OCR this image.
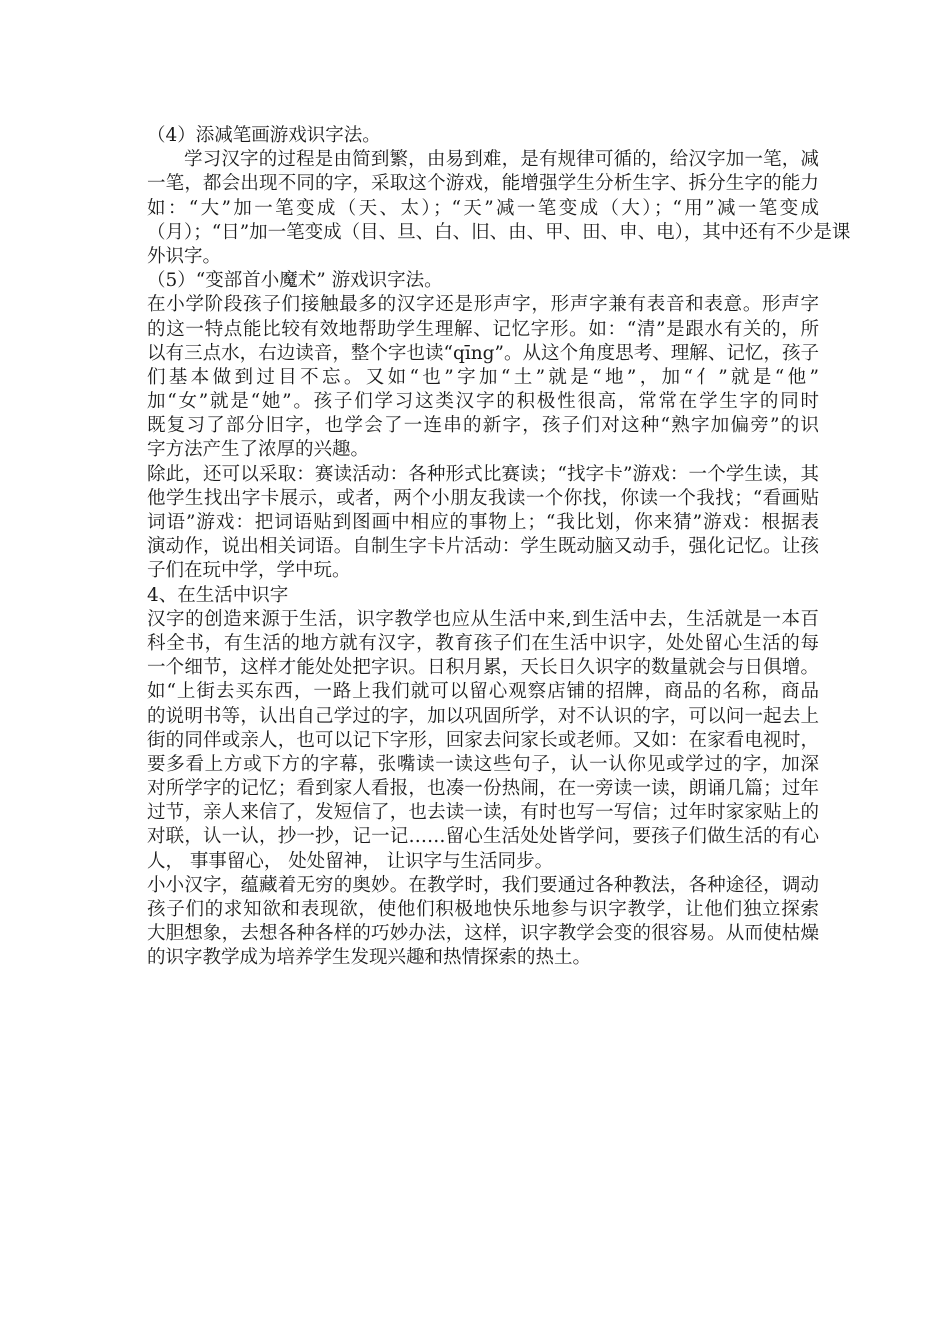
（4）添减笔画游戏识字法。
学习汉字的过程是由简到繁，由易到难，是有规律可循的，给汉字加一笔，减
一笔，都会出现不同的字，采取这个游戏，能增强学生分析生字、拆分生字的能力
如：“大”加一笔变成（天、太）；“天”减一笔变成（大）；“用”减一笔变成
（月）；“日”加一笔变成（目、旦、白、旧、由、甲、田、申、电），其中还有不少是课
外识字。
（5）“变部首小魔术” 游戏识字法。
在小学阶段孩子们接触最多的汉字还是形声字，形声字兼有表音和表意。形声字
的这一特点能比较有效地帮助学生理解、记忆字形。如：“清”是跟水有关的，所
以有三点水，右边读音，整个字也读“qīng”。从这个角度思考、理解、记忆，孩子
们基本做到过目不忘。又如“也”字加“土”就是“地”，加“亻”就是“他”
加“女”就是“她”。孩子们学习这类汉字的积极性很高，常常在学生字的同时
既复习了部分旧字，也学会了一连串的新字，孩子们对这种“熟字加偏旁”的识
字方法产生了浓厚的兴趣。
除此，还可以采取：赛读活动：各种形式比赛读；“找字卡”游戏：一个学生读，其
他学生找出字卡展示，或者，两个小朋友我读一个你找，你读一个我找；“看画贴
词语”游戏：把词语贴到图画中相应的事物上；“我比划，你来猜”游戏：根据表
演动作，说出相关词语。自制生字卡片活动：学生既动脑又动手，强化记忆。让孩
子们在玩中学，学中玩。
4、在生活中识字
汉字的创造来源于生活，识字教学也应从生活中来,到生活中去，生活就是一本百
科全书，有生活的地方就有汉字，教育孩子们在生活中识字，处处留心生活的每
一个细节，这样才能处处把字识。日积月累，天长日久识字的数量就会与日俱增。
如“上街去买东西，一路上我们就可以留心观察店铺的招牌，商品的名称，商品
的说明书等，认出自己学过的字，加以巩固所学，对不认识的字，可以问一起去上
街的同伴或亲人，也可以记下字形，回家去问家长或老师。又如：在家看电视时，
要多看上方或下方的字幕，张嘴读一读这些句子，认一认你见或学过的字，加深
对所学字的记忆；看到家人看报，也凑一份热闹，在一旁读一读，朗诵几篇；过年
过节，亲人来信了，发短信了，也去读一读，有时也写一写信；过年时家家贴上的
对联，认一认，抄一抄，记一记……留心生活处处皆学问，要孩子们做生活的有心
人， 事事留心， 处处留神， 让识字与生活同步。
小小汉字，蕴藏着无穷的奥妙。在教学时，我们要通过各种教法，各种途径，调动
孩子们的求知欲和表现欲，使他们积极地快乐地参与识字教学，让他们独立探索
大胆想象，去想各种各样的巧妙办法，这样，识字教学会变的很容易。从而使枯燥
的识字教学成为培养学生发现兴趣和热情探索的热土。
